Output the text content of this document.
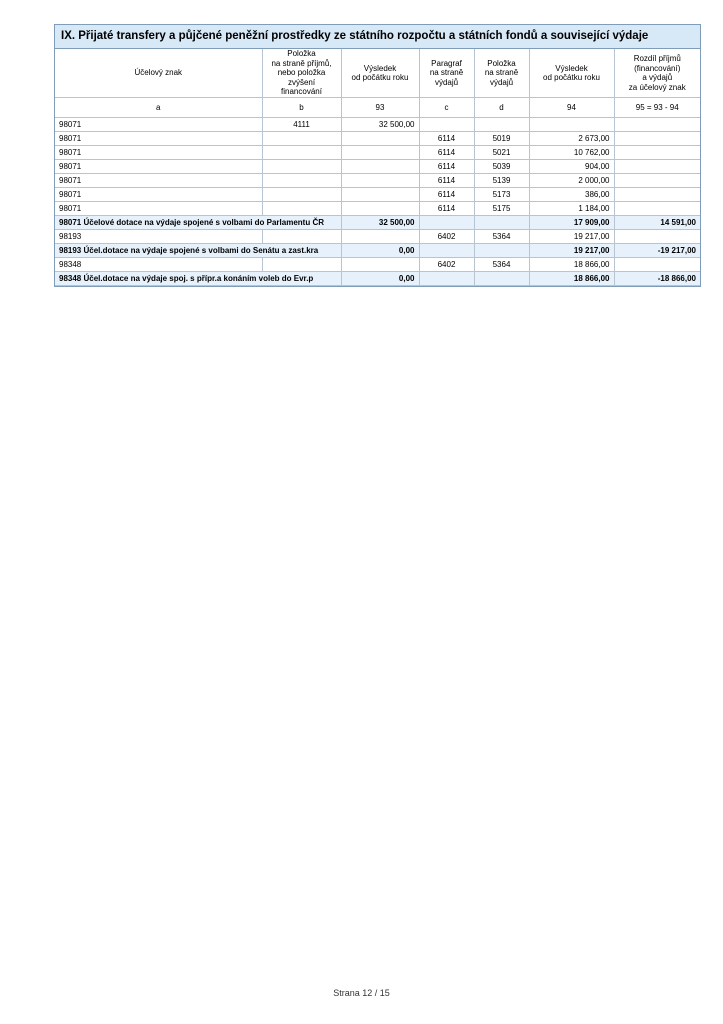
IX. Přijaté transfery a půjčené peněžní prostředky ze státního rozpočtu a státních fondů a související výdaje
Účelový znak	Položka
na straně příjmů,
nebo položka
zvýšení financování	Výsledek
od počátku roku	Paragraf
na straně
výdajů	Položka
na straně
výdajů	Výsledek
od počátku roku	Rozdíl příjmů
(financování)
a výdajů
za účelový znak
a	b	93	c	d	94	95 = 93 - 94
98071	4111	32 500,00				
98071			6114	5019	2 673,00	
98071			6114	5021	10 762,00	
98071			6114	5039	904,00	
98071			6114	5139	2 000,00	
98071			6114	5173	386,00	
98071			6114	5175	1 184,00	
98071 Účelové dotace na výdaje spojené s volbami do Parlamentu ČR		32 500,00			17 909,00	14 591,00
98193			6402	5364	19 217,00	
98193 Účel.dotace na výdaje spojené s volbami do Senátu a zast.kra		0,00			19 217,00	-19 217,00
98348			6402	5364	18 866,00	
98348 Účel.dotace na výdaje spoj. s přípr.a konáním voleb do Evr.p		0,00			18 866,00	-18 866,00
Strana 12 / 15
